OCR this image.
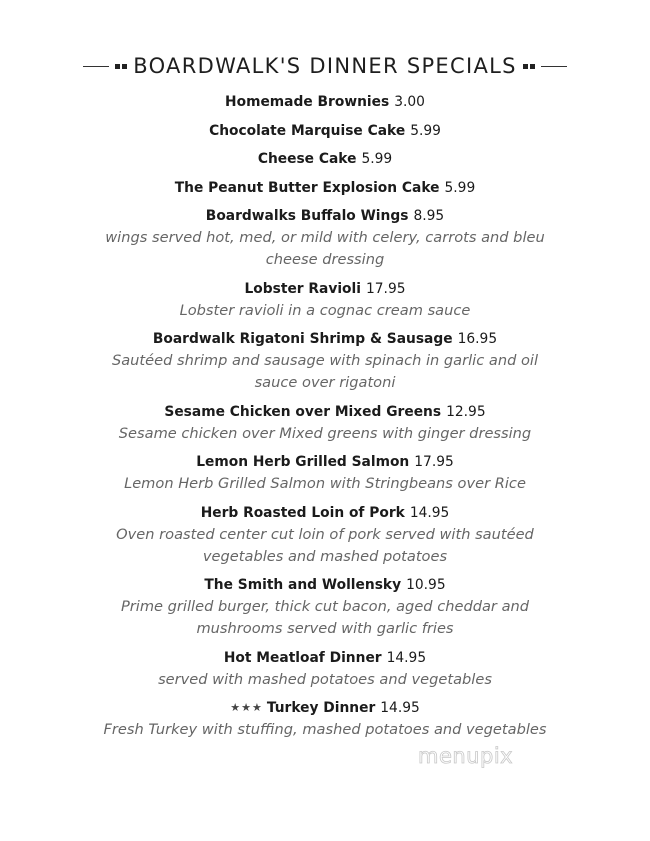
BOARDWALK'S DINNER SPECIALS
Homemade Brownies 3.00
Chocolate Marquise Cake 5.99
Cheese Cake 5.99
The Peanut Butter Explosion Cake 5.99
Boardwalks Buffalo Wings 8.95
wings served hot, med, or mild with celery, carrots and bleu cheese dressing
Lobster Ravioli 17.95
Lobster ravioli in a cognac cream sauce
Boardwalk Rigatoni Shrimp & Sausage 16.95
Sautéed shrimp and sausage with spinach in garlic and oil sauce over rigatoni
Sesame Chicken over Mixed Greens 12.95
Sesame chicken over Mixed greens with ginger dressing
Lemon Herb Grilled Salmon 17.95
Lemon Herb Grilled Salmon with Stringbeans over Rice
Herb Roasted Loin of Pork 14.95
Oven roasted center cut loin of pork served with sautéed vegetables and mashed potatoes
The Smith and Wollensky 10.95
Prime grilled burger, thick cut bacon, aged cheddar and mushrooms served with garlic fries
Hot Meatloaf Dinner 14.95
served with mashed potatoes and vegetables
★★★ Turkey Dinner 14.95
Fresh Turkey with stuffing, mashed potatoes and vegetables
menupix
